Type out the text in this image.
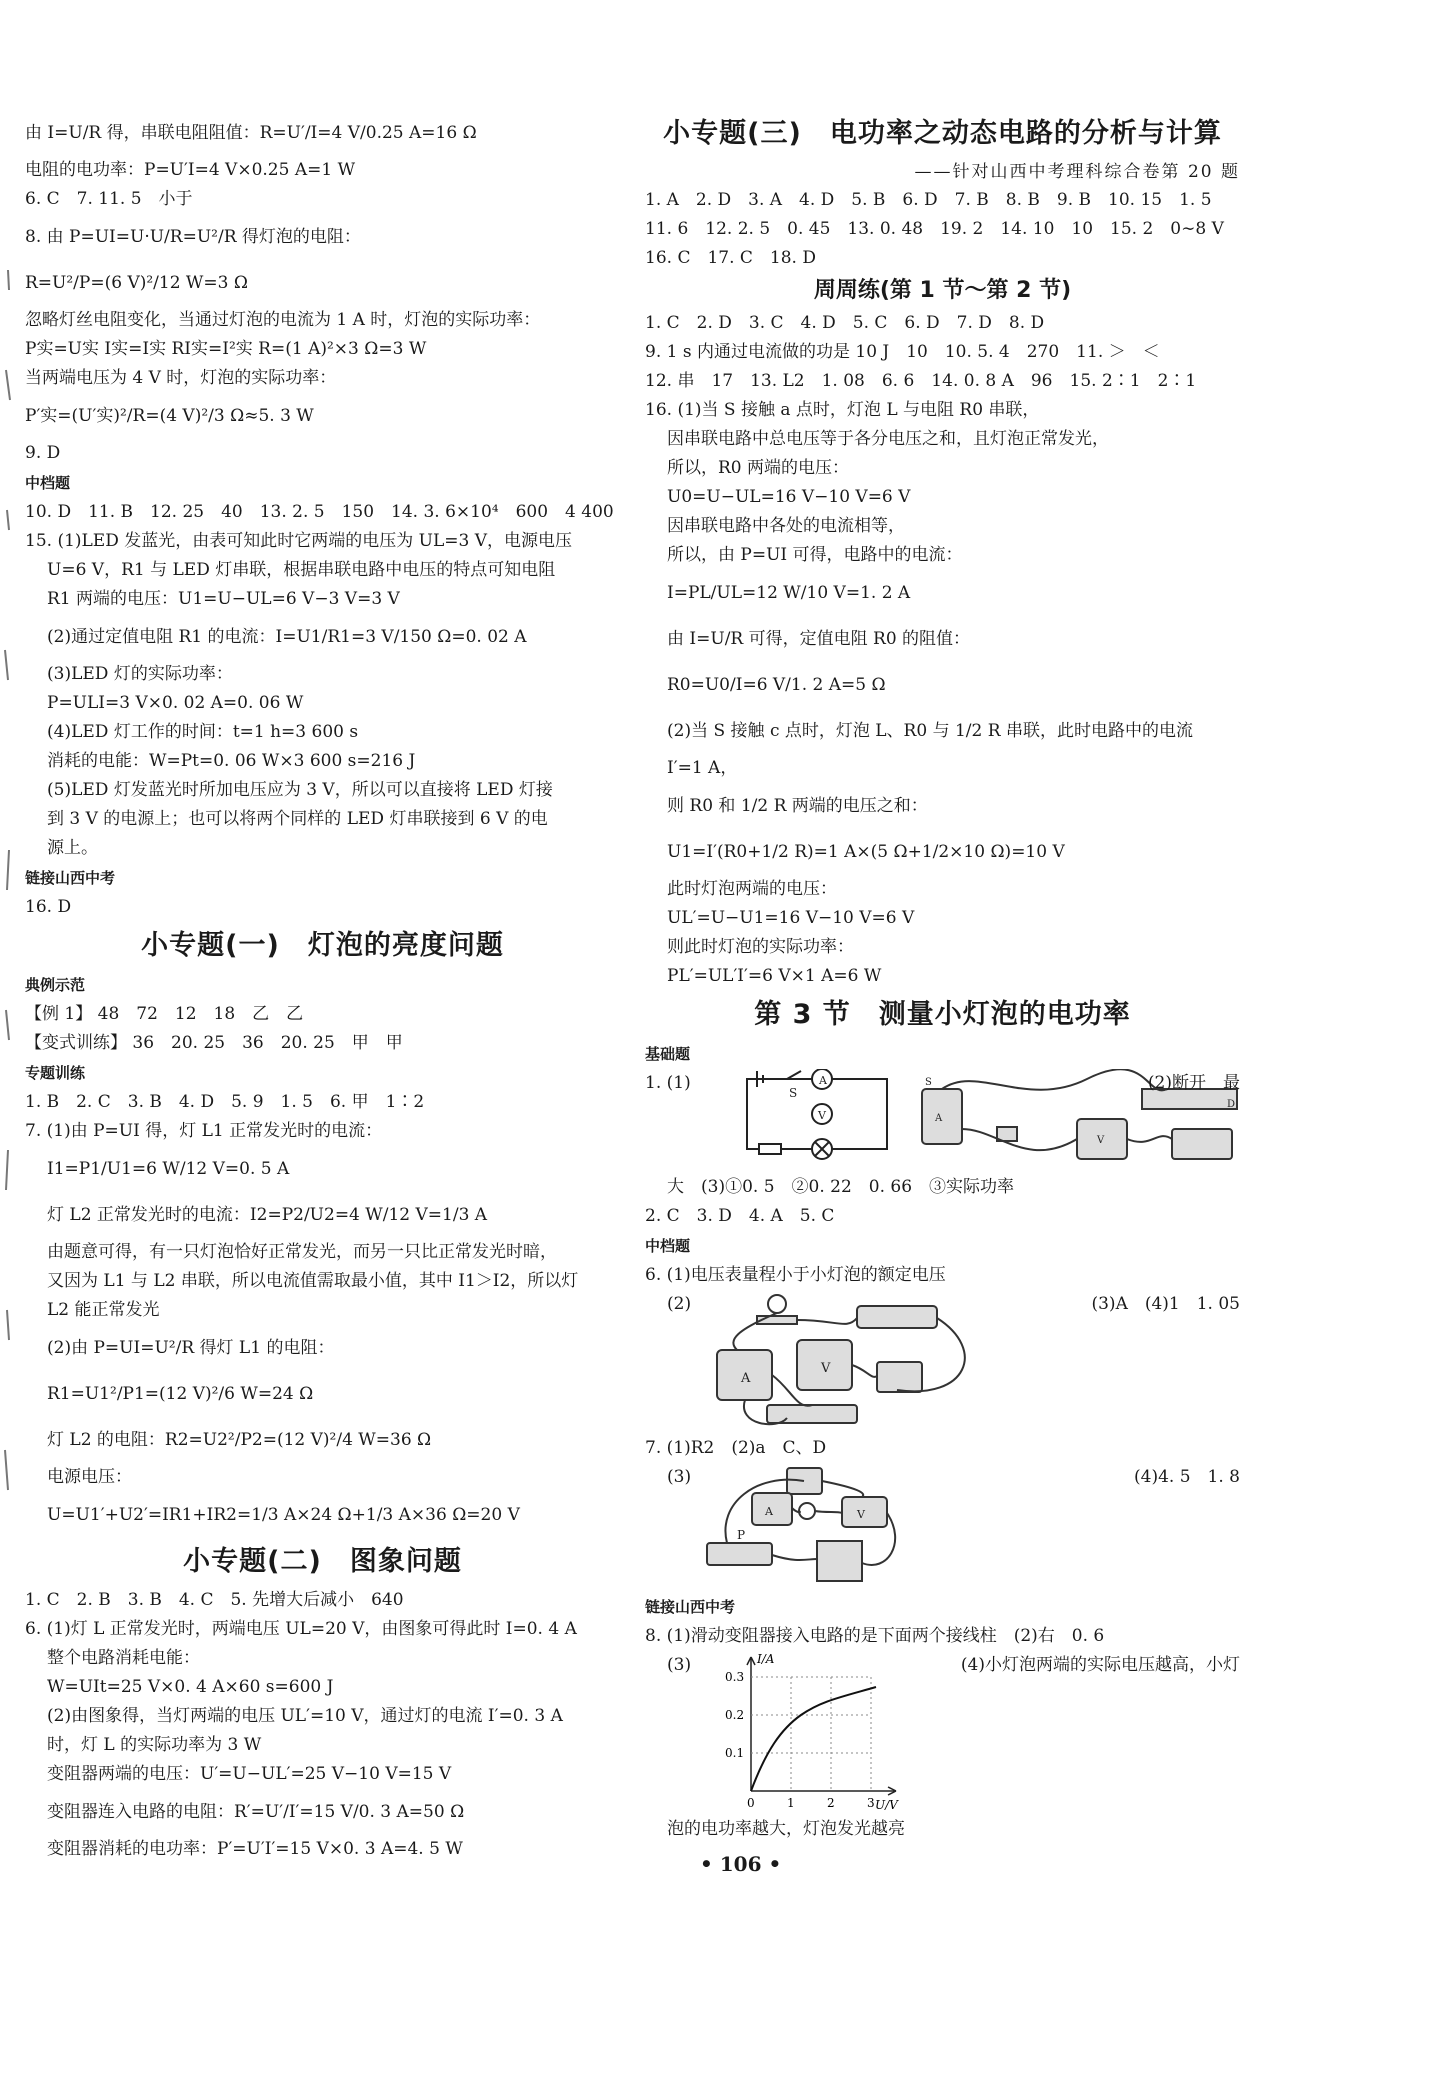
由 I=U/R 得，串联电阻阻值：R=U′/I=4 V/0.25 A=16 Ω
电阻的电功率：P=U′I=4 V×0.25 A=1 W
6. C　7. 11. 5　小于
8. 由 P=UI=U·U/R=U²/R 得灯泡的电阻：
R=U²/P=(6 V)²/12 W=3 Ω
忽略灯丝电阻变化，当通过灯泡的电流为 1 A 时，灯泡的实际功率：
P实=U实 I实=I实 RI实=I²实 R=(1 A)²×3 Ω=3 W
当两端电压为 4 V 时，灯泡的实际功率：
P′实=(U′实)²/R=(4 V)²/3 Ω≈5. 3 W
9. D
中档题
10. D　11. B　12. 25　40　13. 2. 5　150　14. 3. 6×10⁴　600　4 400
15. (1)LED 发蓝光，由表可知此时它两端的电压为 UL=3 V，电源电压
U=6 V，R1 与 LED 灯串联，根据串联电路中电压的特点可知电阻
R1 两端的电压：U1=U−UL=6 V−3 V=3 V
(2)通过定值电阻 R1 的电流：I=U1/R1=3 V/150 Ω=0. 02 A
(3)LED 灯的实际功率：
P=ULI=3 V×0. 02 A=0. 06 W
(4)LED 灯工作的时间：t=1 h=3 600 s
消耗的电能：W=Pt=0. 06 W×3 600 s=216 J
(5)LED 灯发蓝光时所加电压应为 3 V，所以可以直接将 LED 灯接
到 3 V 的电源上；也可以将两个同样的 LED 灯串联接到 6 V 的电
源上。
链接山西中考
16. D
小专题(一)　灯泡的亮度问题
典例示范
【例 1】 48　72　12　18　乙　乙
【变式训练】 36　20. 25　36　20. 25　甲　甲
专题训练
1. B　2. C　3. B　4. D　5. 9　1. 5　6. 甲　1∶2
7. (1)由 P=UI 得，灯 L1 正常发光时的电流：
I1=P1/U1=6 W/12 V=0. 5 A
灯 L2 正常发光时的电流：I2=P2/U2=4 W/12 V=1/3 A
由题意可得，有一只灯泡恰好正常发光，而另一只比正常发光时暗，
又因为 L1 与 L2 串联，所以电流值需取最小值，其中 I1＞I2，所以灯
L2 能正常发光
(2)由 P=UI=U²/R 得灯 L1 的电阻：
R1=U1²/P1=(12 V)²/6 W=24 Ω
灯 L2 的电阻：R2=U2²/P2=(12 V)²/4 W=36 Ω
电源电压：
U=U1′+U2′=IR1+IR2=1/3 A×24 Ω+1/3 A×36 Ω=20 V
小专题(二)　图象问题
1. C　2. B　3. B　4. C　5. 先增大后减小　640
6. (1)灯 L 正常发光时，两端电压 UL=20 V，由图象可得此时 I=0. 4 A
整个电路消耗电能：
W=UIt=25 V×0. 4 A×60 s=600 J
(2)由图象得，当灯两端的电压 UL′=10 V，通过灯的电流 I′=0. 3 A
时，灯 L 的实际功率为 3 W
变阻器两端的电压：U′=U−UL′=25 V−10 V=15 V
变阻器连入电路的电阻：R′=U′/I′=15 V/0. 3 A=50 Ω
变阻器消耗的电功率：P′=U′I′=15 V×0. 3 A=4. 5 W
小专题(三)　电功率之动态电路的分析与计算
——针对山西中考理科综合卷第 20 题
1. A　2. D　3. A　4. D　5. B　6. D　7. B　8. B　9. B　10. 15　1. 5
11. 6　12. 2. 5　0. 45　13. 0. 48　19. 2　14. 10　10　15. 2　0∼8 V
16. C　17. C　18. D
周周练(第 1 节～第 2 节)
1. C　2. D　3. C　4. D　5. C　6. D　7. D　8. D
9. 1 s 内通过电流做的功是 10 J　10　10. 5. 4　270　11. ＞　＜
12. 串　17　13. L2　1. 08　6. 6　14. 0. 8 A　96　15. 2∶1　2∶1
16. (1)当 S 接触 a 点时，灯泡 L 与电阻 R0 串联，
因串联电路中总电压等于各分电压之和，且灯泡正常发光，
所以，R0 两端的电压：
U0=U−UL=16 V−10 V=6 V
因串联电路中各处的电流相等，
所以，由 P=UI 可得，电路中的电流：
I=PL/UL=12 W/10 V=1. 2 A
由 I=U/R 可得，定值电阻 R0 的阻值：
R0=U0/I=6 V/1. 2 A=5 Ω
(2)当 S 接触 c 点时，灯泡 L、R0 与 1/2 R 串联，此时电路中的电流
I′=1 A，
则 R0 和 1/2 R 两端的电压之和：
U1=I′(R0+1/2 R)=1 A×(5 Ω+1/2×10 Ω)=10 V
此时灯泡两端的电压：
UL′=U−U1=16 V−10 V=6 V
则此时灯泡的实际功率：
PL′=UL′I′=6 V×1 A=6 W
第 3 节　测量小灯泡的电功率
基础题
1. (1)	A
V
S
A
V
S
D
(2)断开　最
大　(3)①0. 5　②0. 22　0. 66　③实际功率
2. C　3. D　4. A　5. C
中档题
6. (1)电压表量程小于小灯泡的额定电压
(2)
A
V
(3)A　(4)1　1. 05
7. (1)R2　(2)a　C、D
(3)
A	V
P
(4)4. 5　1. 8
链接山西中考
8. (1)滑动变阻器接入电路的是下面两个接线柱　(2)右　0. 6
(3)	I/A
U/V
0.3
0.2
0.1
0	1	2	3
(4)小灯泡两端的实际电压越高，小灯
泡的电功率越大，灯泡发光越亮
• 106 •
